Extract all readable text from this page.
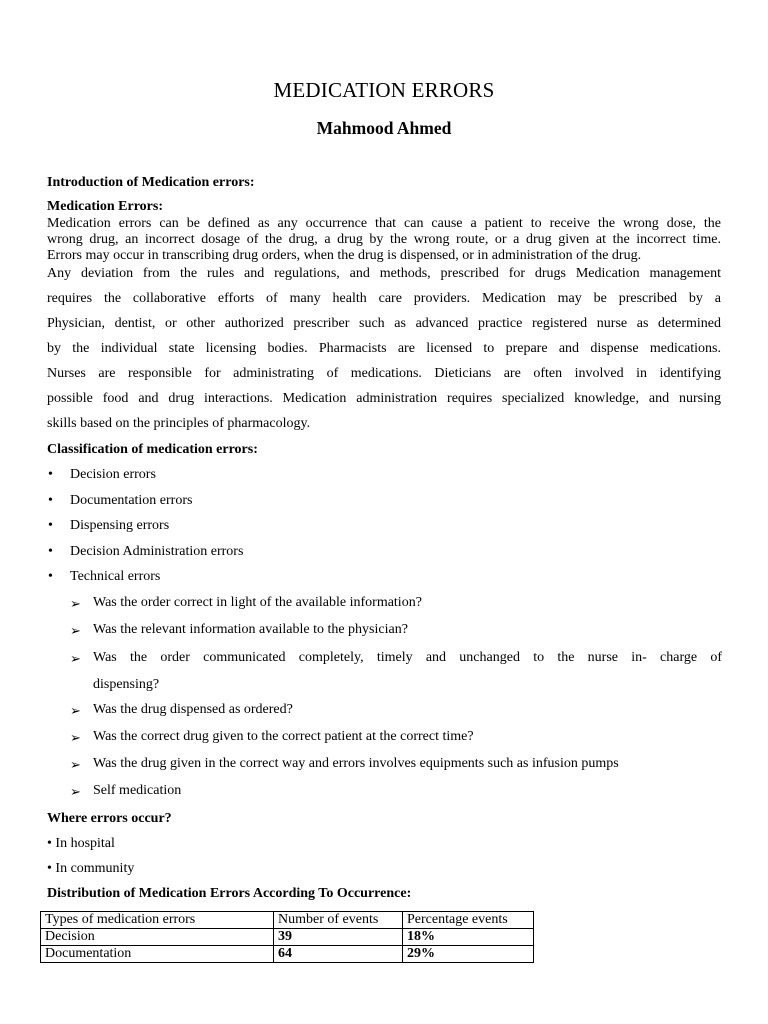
MEDICATION ERRORS
Mahmood Ahmed
Introduction of Medication errors:
Medication Errors:

Medication errors can be defined as any occurrence that can cause a patient to receive the wrong dose, the

wrong drug, an incorrect dosage of the drug, a drug by the wrong route, or a drug given at the incorrect time.

Errors may occur in transcribing drug orders, when the drug is dispensed, or in administration of the drug.

Any deviation from the rules and regulations, and methods, prescribed for drugs Medication management
requires the collaborative efforts of many health care providers. Medication may be prescribed by a
Physician, dentist, or other authorized prescriber such as advanced practice registered nurse as determined
by the individual state licensing bodies. Pharmacists are licensed to prepare and dispense medications.
Nurses are responsible for administrating of medications. Dieticians are often involved in identifying
possible food and drug interactions. Medication administration requires specialized knowledge, and nursing
skills based on the principles of pharmacology.
Classification of medication errors:
• Decision errors
• Documentation errors
• Dispensing errors
• Decision Administration errors
• Technical errors
➢ Was the order correct in light of the available information?
➢ Was the relevant information available to the physician?
➢ Was the order communicated completely, timely and unchanged to the nurse in- charge of
dispensing?
➢ Was the drug dispensed as ordered?
➢ Was the correct drug given to the correct patient at the correct time?
➢ Was the drug given in the correct way and errors involves equipments such as infusion pumps
➢ Self medication
Where errors occur?
• In hospital
• In community
Distribution of Medication Errors According To Occurrence:
Types of medication errors	Number of events	Percentage events
Decision	39	18%
Documentation	64	29%
